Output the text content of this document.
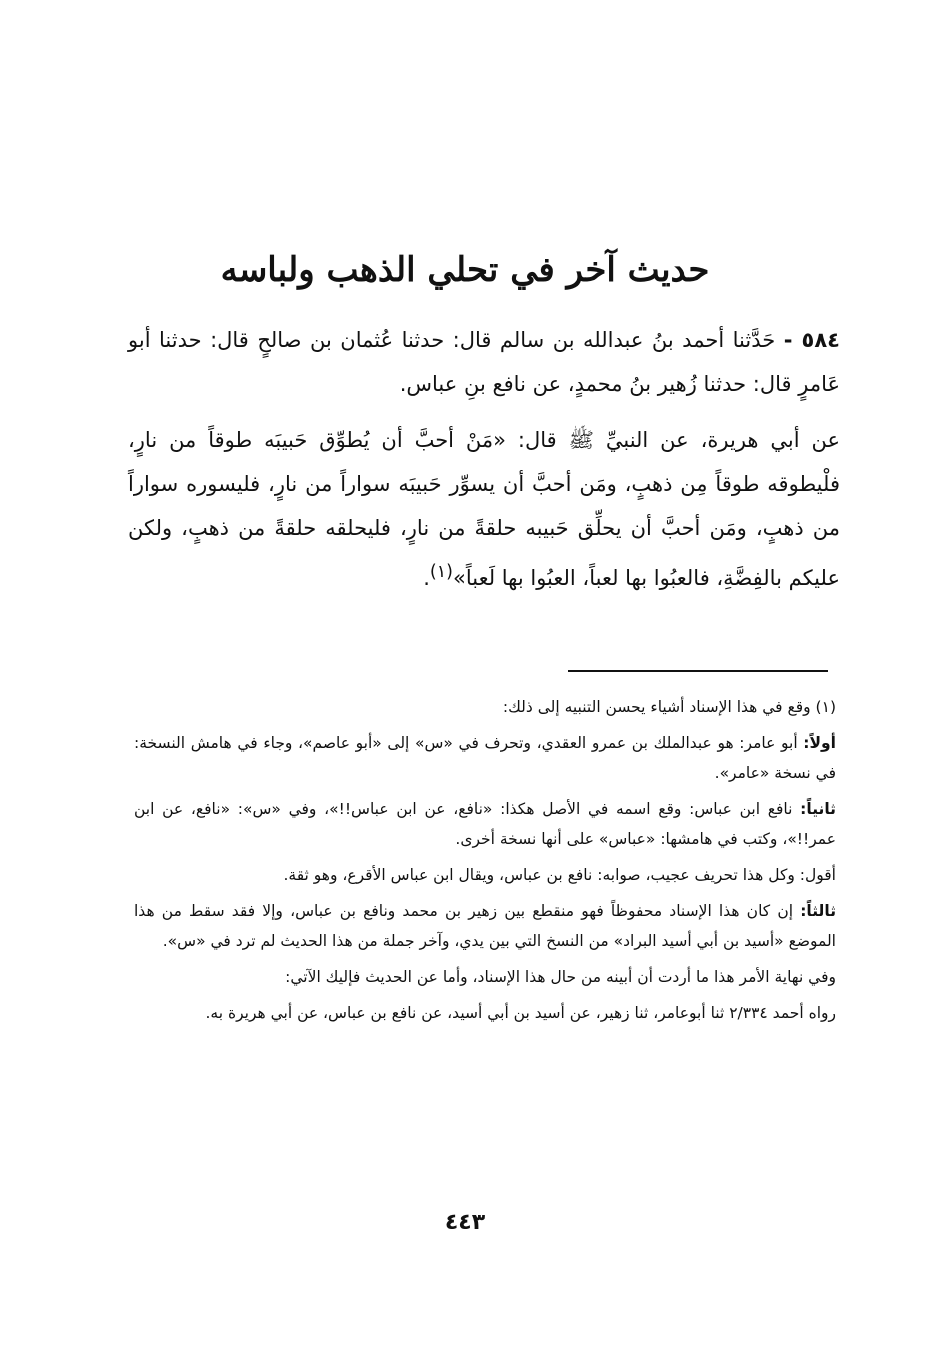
حديث آخر في تحلي الذهب ولباسه

٥٨٤ - حَدَّثنا أحمد بنُ عبدالله بن سالم قال: حدثنا عُثمان بن صالحٍ قال: حدثنا أبو عَامرٍ قال: حدثنا زُهير بنُ محمدٍ، عن نافع بنِ عباس.

عن أبي هريرة، عن النبيِّ ﷺ قال: «مَنْ أحبَّ أن يُطوِّق حَبيبَه طوقاً من نارٍ، فلْيطوقه طوقاً مِن ذهبٍ، ومَن أحبَّ أن يسوِّر حَبيبَه سواراً من نارٍ، فليسوره سواراً من ذهبٍ، ومَن أحبَّ أن يحلِّق حَبيبه حلقةً من نارٍ، فليحلقه حلقةً من ذهبٍ، ولكن عليكم بالفِضَّةِ، فالعبُوا بها لعباً، العبُوا بها لَعباً»$^{(١)}$.

(١) وقع في هذا الإسناد أشياء يحسن التنبيه إلى ذلك:

أولاً: أبو عامر: هو عبدالملك بن عمرو العقدي، وتحرف في «س» إلى «أبو عاصم»، وجاء في هامش النسخة: في نسخة «عامر».

ثانياً: نافع ابن عباس: وقع اسمه في الأصل هكذا: «نافع، عن ابن عباس!!»، وفي «س»: «نافع، عن ابن عمر!!»، وكتب في هامشها: «عباس» على أنها نسخة أخرى.

أقول: وكل هذا تحريف عجيب، صوابه: نافع بن عباس، ويقال ابن عباس الأقرع، وهو ثقة.

ثالثاً: إن كان هذا الإسناد محفوظاً فهو منقطع بين زهير بن محمد ونافع بن عباس، وإلا فقد سقط من هذا الموضع «أسيد بن أبي أسيد البراد» من النسخ التي بين يدي، وآخر جملة من هذا الحديث لم ترد في «س».

وفي نهاية الأمر هذا ما أردت أن أبينه من حال هذا الإسناد، وأما عن الحديث فإليك الآتي:

رواه أحمد ٢/٣٣٤ ثنا أبوعامر، ثنا زهير، عن أسيد بن أبي أسيد، عن نافع بن عباس، عن أبي هريرة به.

٤٤٣
